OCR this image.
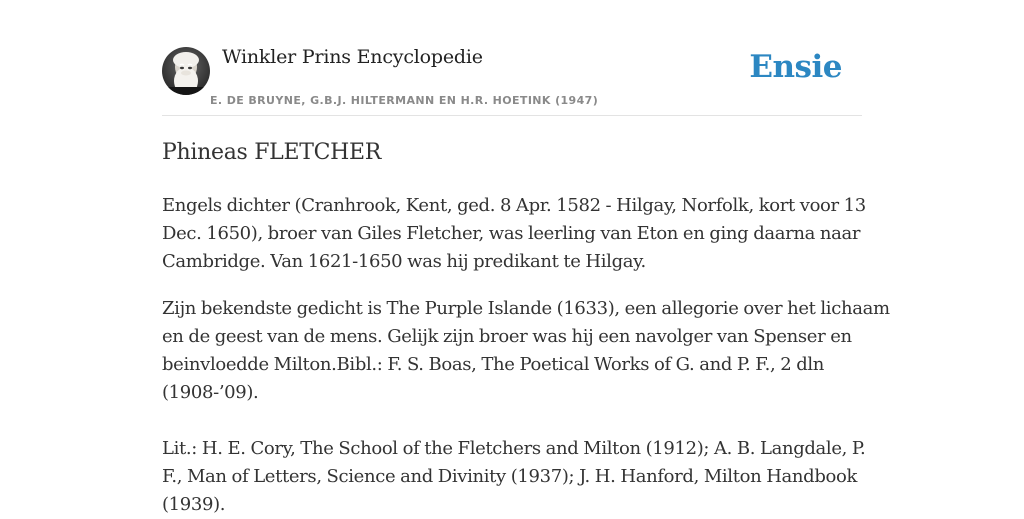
Winkler Prins Encyclopedie
E. DE BRUYNE, G.B.J. HILTERMANN EN H.R. HOETINK (1947)
Ensie
Phineas FLETCHER

Engels dichter (Cranhrook, Kent, ged. 8 Apr. 1582 - Hilgay, Norfolk, kort voor 13
Dec. 1650), broer van Giles Fletcher, was leerling van Eton en ging daarna naar
Cambridge. Van 1621-1650 was hij predikant te Hilgay.

Zijn bekendste gedicht is The Purple Islande (1633), een allegorie over het lichaam
en de geest van de mens. Gelijk zijn broer was hij een navolger van Spenser en
beinvloedde Milton.Bibl.: F. S. Boas, The Poetical Works of G. and P. F., 2 dln
(1908-’09).

Lit.: H. E. Cory, The School of the Fletchers and Milton (1912); A. B. Langdale, P.
F., Man of Letters, Science and Divinity (1937); J. H. Hanford, Milton Handbook
(1939).
